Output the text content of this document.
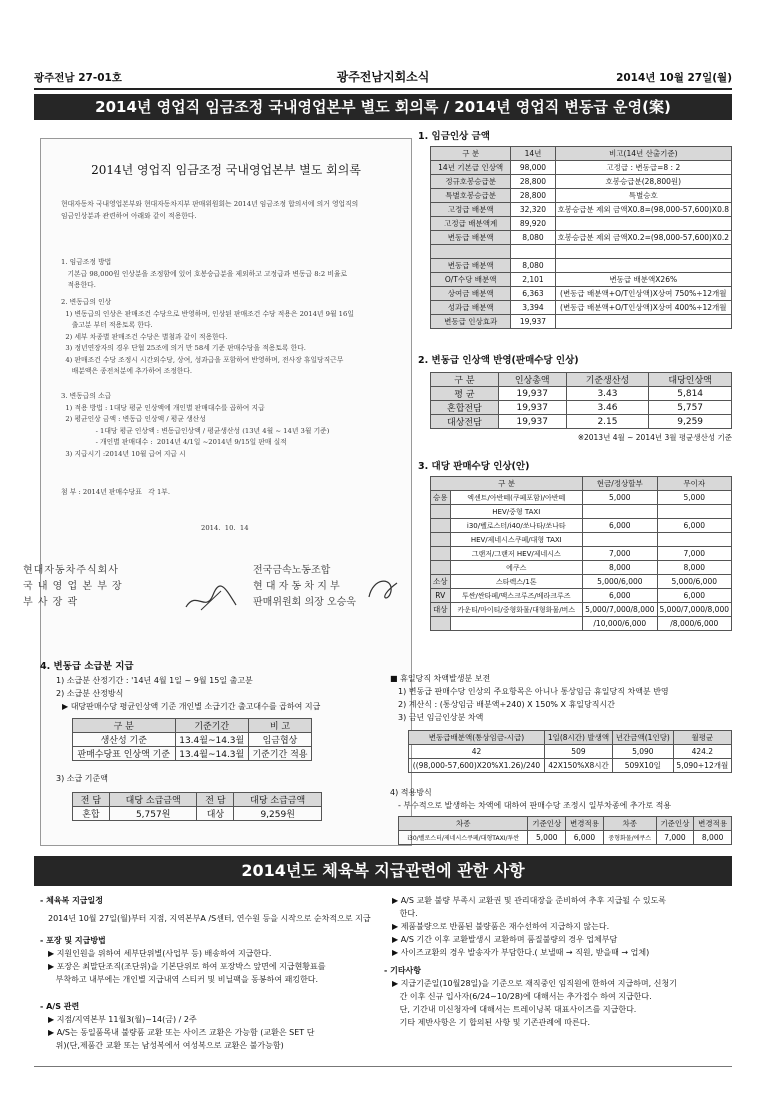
광주전남 27-01호	광주전남지회소식	2014년 10월 27일(월)
2014년 영업직 임금조정 국내영업본부 별도 회의록 / 2014년 영업직 변동급 운영(案)
2014년 영업직 임금조정 국내영업본부 별도 회의록
현대자동차 국내영업본부와 현대자동차지부 판매위원회는 2014년 임금조정 합의서에 의거 영업직의
임금인상분과 관련하여 아래와 같이 적용한다.
1. 임금조정 방법
기본급 98,000원 인상분을 조정함에 있어 호봉승급분을 제외하고 고정급과 변동급 8:2 비율로
적용한다.
2. 변동급의 인상
1) 변동급의 인상은 판매조건 수당으로 반영하며, 인상된 판매조건 수당 적용은 2014년 9월 16일
출고분 부터 적용토록 한다.
2) 세부 차종별 판매조건 수당은 별첨과 같이 적용한다.
3) 정년연장자의 경우 단협 25조에 의거 만 58세 기준 판매수당을 적용토록 한다.
4) 판매조건 수당 조정시 시간외수당, 상여, 성과급을 포함하여 반영하며, 전사장 휴일당직근무
배분액은 종전처분에 추가하여 조정한다.
3. 변동급의 소급
1) 적용 방법 : 1대당 평균 인상액에 개인별 판매대수를 곱하여 지급
2) 평균인상 금액 : 변동급 인상액 / 평균 생산성
- 1대당 평균 인상액 : 변동급인상액 / 평균생산성 (13년 4월 ~ 14년 3월 기준)
- 개인별 판매대수 :  2014년 4/1일 ~2014년 9/15일 판매 실적
3) 지급시기 :2014년 10월 급여 지급 시
첨 부 : 2014년 판매수당표   각 1부.
2014.  10.  14
현대자동차주식회사
국 내 영 업 본 부 장
부 사 장 곽
전국금속노동조합
현 대 자 동 차 지 부
판매위원회 의장 오승욱
1. 임금인상 금액
구 분	14년	비고(14년 산출기준)
14년 기본급 인상액	98,000	고정급 : 변동급=8 : 2
정규호봉승급분	28,800	호봉승급분(28,800원)
특별호봉승급분	28,800	특별승호
고정급 배분액	32,320	호봉승급분 제외 금액X0.8=(98,000-57,600)X0.8
고정급 배분액계	89,920	
변동급 배분액	8,080	호봉승급분 제외 금액X0.2=(98,000-57,600)X0.2

변동급 배분액	8,080	
O/T수당 배분액	2,101	변동급 배분액X26%
상여금 배분액	6,363	(변동급 배분액+O/T인상액)X상여 750%÷12개월
성과급 배분액	3,394	(변동급 배분액+O/T인상액)X상여 400%÷12개월
변동급 인상효과	19,937	
2. 변동급 인상액 반영(판매수당 인상)
구 분	인상총액	기준생산성	대당인상액
평 균	19,937	3.43	5,814
혼합전담	19,937	3.46	5,757
대상전담	19,937	2.15	9,259
※2013년 4월 ~ 2014년 3월 평균생산성 기준
3. 대당 판매수당 인상(안)
구 분		현금/정상할부	무이자
승용	엑센트/아반떼(쿠페포함)/아반떼	5,000	5,000
	HEV/중형 TAXI		
	i30/벨로스터/i40/쏘나타/쏘나타	6,000	6,000
	HEV/제네시스쿠페/대형 TAXI		
	그랜저/그랜저 HEV/제네시스	7,000	7,000
	에쿠스	8,000	8,000
소상	스타렉스/1톤	5,000/6,000	5,000/6,000
RV	투싼/싼타페/맥스크루즈/베라크루즈	6,000	6,000
대상	카운티/마이티/중형화물/대형화물/버스	5,000/7,000/8,000	5,000/7,000/8,000
		/10,000/6,000	/8,000/6,000
4. 변동급 소급분 지급
1) 소급분 산정기간 : '14년 4월 1일 ~ 9월 15일 출고분
2) 소급분 산정방식
▶ 대당판매수당 평균인상액 기준 개인별 소급기간 출고대수를 곱하여 지급
구 분	기준기간	비 고
생산성 기준	13.4월~14.3월	임금협상
판매수당표 인상액 기준	13.4월~14.3월	기준기간 적용
3) 소급 기준액
전 담	대당 소급금액	전 담	대당 소급금액
혼합	5,757원	대상	9,259원
■ 휴일당직 차액발생분 보전
1) 변동급 판매수당 인상의 주요항목은 아니나 통상임금 휴일당직 차액분 반영
2) 계산식 : (통상임금 배분액÷240) X 150% X 휴일당직시간
3) 금년 임금인상분 차액
변동급배분액(통상임금-시급)	1일(8시간) 발생액	년간금액(1인당)	월평균
42	509	5,090	424.2
((98,000-57,600)X20%X1.26)/240	42X150%X8시간	509X10일	5,090÷12개월
4) 적용방식
- 부수적으로 발생하는 차액에 대하여 판매수당 조정시 일부차종에 추가로 적용
차종	기준인상	변경적용	차종	기준인상	변경적용
i30/벨로스터/제네시스쿠페/대형TAXI/투싼	5,000	6,000	중형화물/에쿠스	7,000	8,000
2014년도 체육복 지급관련에 관한 사항
- 체육복 지급일정
2014년 10월 27일(월)부터 지점, 지역본부A /S센터, 연수원 등을 시작으로 순차적으로 지급
- 포장 및 지급방법
▶ 지원인원을 위하여 세부단위별(사업부 등) 배송하여 지급한다.
▶ 포장은 최말단조직(조단위)을 기본단위로 하여 포장박스 앞면에 지급현황표를
부착하고 내부에는 개인별 지급내역 스티커 및 비닐팩을 동봉하여 패킹한다.
- A/S 관련
▶ 지점/지역본부 11월3(월)~14(금) / 2주
▶ A/S는 동일품목내 불량품 교환 또는 사이즈 교환은 가능함 (교환은 SET 단
위)(단,제품간 교환 또는 남성복에서 여성복으로 교환은 불가능함)
▶ A/S 교환 불량 부족시 교환권 및 관리대장을 준비하여 추후 지급될 수 있도록
한다.
▶ 제품불량으로 반품된 불량품은 재수선하여 지급하지 않는다.
▶ A/S 기간 이후 교환발생시 교환하며 품질불량의 경우 업체부담
▶ 사이즈교환의 경우 발송자가 부담한다.( 보낼때 → 직원, 받을때 → 업체)
- 기타사항
▶ 지급기준일(10월28일)을 기준으로 재직중인 임직원에 한하여 지급하며, 신청기
간 이후 신규 입사자(6/24~10/28)에 대해서는 추가접수 하여 지급한다.
단, 기간내 미신청자에 대해서는 트레이닝복 대표사이즈를 지급한다.
기타 제반사항은 기 합의된 사항 및 기존관례에 따른다.
